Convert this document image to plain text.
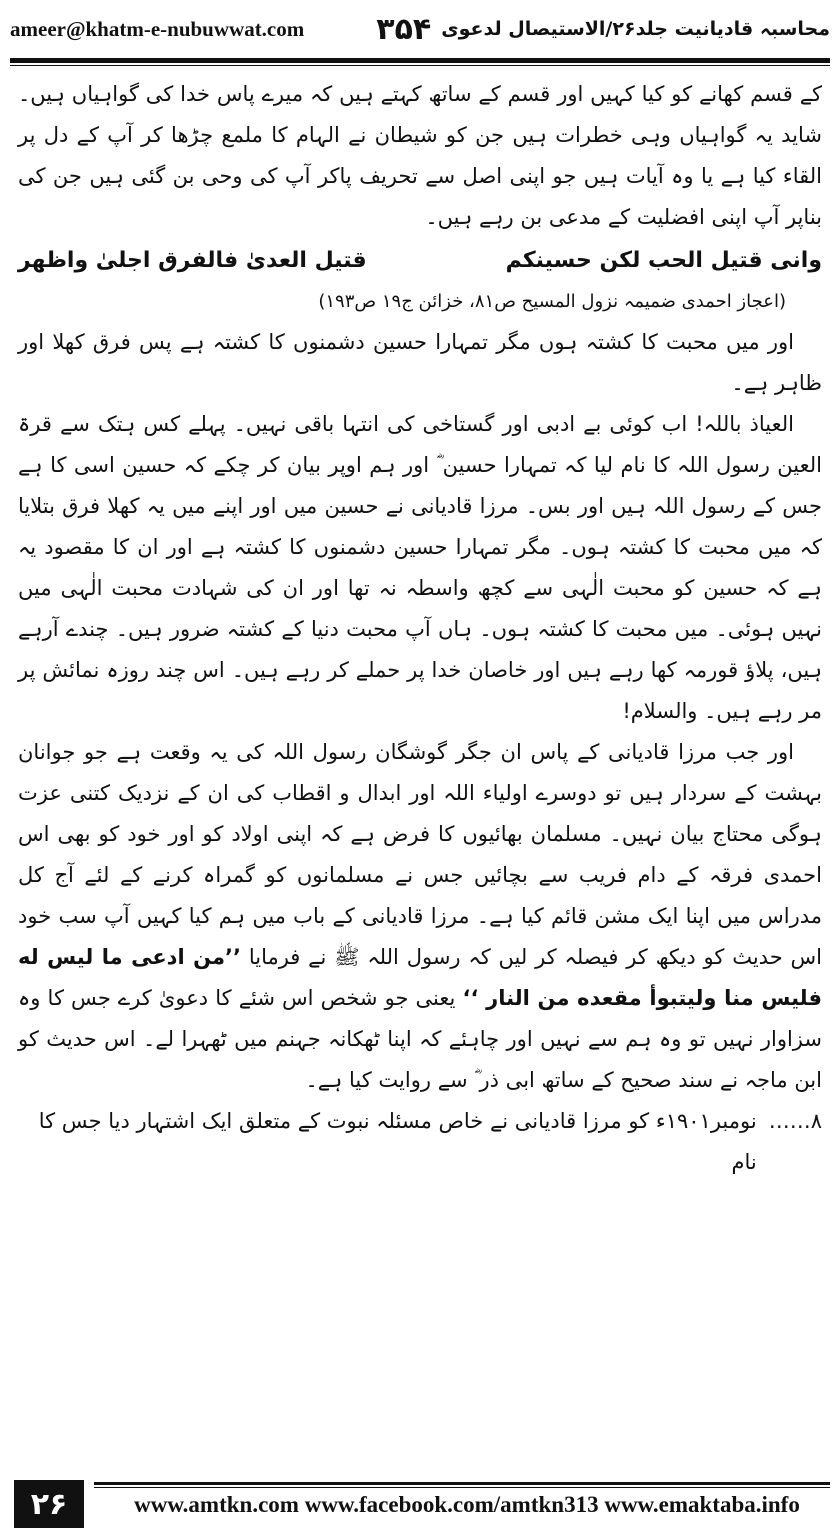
ameer@khatm-e-nubuwwat.com	محاسبہ قادیانیت جلد۲۶/الاستیصال لدعوی
۳۵۴

کے قسم کھانے کو کیا کہیں اور قسم کے ساتھ کہتے ہیں کہ میرے پاس خدا کی گواہیاں ہیں۔ شاید یہ گواہیاں وہی خطرات ہیں جن کو شیطان نے الہام کا ملمع چڑھا کر آپ کے دل پر القاء کیا ہے یا وہ آیات ہیں جو اپنی اصل سے تحریف پاکر آپ کی وحی بن گئی ہیں جن کی بناپر آپ اپنی افضلیت کے مدعی بن رہے ہیں۔

وانی قتیل الحب لکن حسینکم
قتیل العدیٰ فالفرق اجلیٰ واظھر
(اعجاز احمدی ضمیمہ نزول المسیح ص۸۱، خزائن ج۱۹ ص۱۹۳)

اور میں محبت کا کشتہ ہوں مگر تمہارا حسین دشمنوں کا کشتہ ہے پس فرق کھلا اور ظاہر ہے۔

العیاذ باللہ! اب کوئی بے ادبی اور گستاخی کی انتہا باقی نہیں۔ پہلے کس ہتک سے قرۃ العین رسول اللہ کا نام لیا کہ تمہارا حسین ؓ اور ہم اوپر بیان کر چکے کہ حسین اسی کا ہے جس کے رسول اللہ ہیں اور بس۔ مرزا قادیانی نے حسین میں اور اپنے میں یہ کھلا فرق بتلایا کہ میں محبت کا کشتہ ہوں۔ مگر تمہارا حسین دشمنوں کا کشتہ ہے اور ان کا مقصود یہ ہے کہ حسین کو محبت الٰہی سے کچھ واسطہ نہ تھا اور ان کی شہادت محبت الٰہی میں نہیں ہوئی۔ میں محبت کا کشتہ ہوں۔ ہاں آپ محبت دنیا کے کشتہ ضرور ہیں۔ چندے آرہے ہیں، پلاؤ قورمہ کھا رہے ہیں اور خاصان خدا پر حملے کر رہے ہیں۔ اس چند روزہ نمائش پر مر رہے ہیں۔ والسلام!

اور جب مرزا قادیانی کے پاس ان جگر گوشگان رسول اللہ کی یہ وقعت ہے جو جوانان بہشت کے سردار ہیں تو دوسرے اولیاء اللہ اور ابدال و اقطاب کی ان کے نزدیک کتنی عزت ہوگی محتاج بیان نہیں۔ مسلمان بھائیوں کا فرض ہے کہ اپنی اولاد کو اور خود کو بھی اس احمدی فرقہ کے دام فریب سے بچائیں جس نے مسلمانوں کو گمراہ کرنے کے لئے آج کل مدراس میں اپنا ایک مشن قائم کیا ہے۔ مرزا قادیانی کے باب میں ہم کیا کہیں آپ سب خود اس حدیث کو دیکھ کر فیصلہ کر لیں کہ رسول اللہ ﷺ نے فرمایا ’’من ادعی ما لیس له فلیس منا ولیتبوأ مقعده من النار ‘‘ یعنی جو شخص اس شئے کا دعویٰ کرے جس کا وہ سزاوار نہیں تو وہ ہم سے نہیں اور چاہئے کہ اپنا ٹھکانہ جہنم میں ٹھہرا لے۔ اس حدیث کو ابن ماجہ نے سند صحیح کے ساتھ ابی ذر ؓ سے روایت کیا ہے۔

۸……
نومبر۱۹۰۱ء کو مرزا قادیانی نے خاص مسئلہ نبوت کے متعلق ایک اشتہار دیا جس کا نام
۲۶	www.amtkn.com www.facebook.com/amtkn313 www.emaktaba.info
